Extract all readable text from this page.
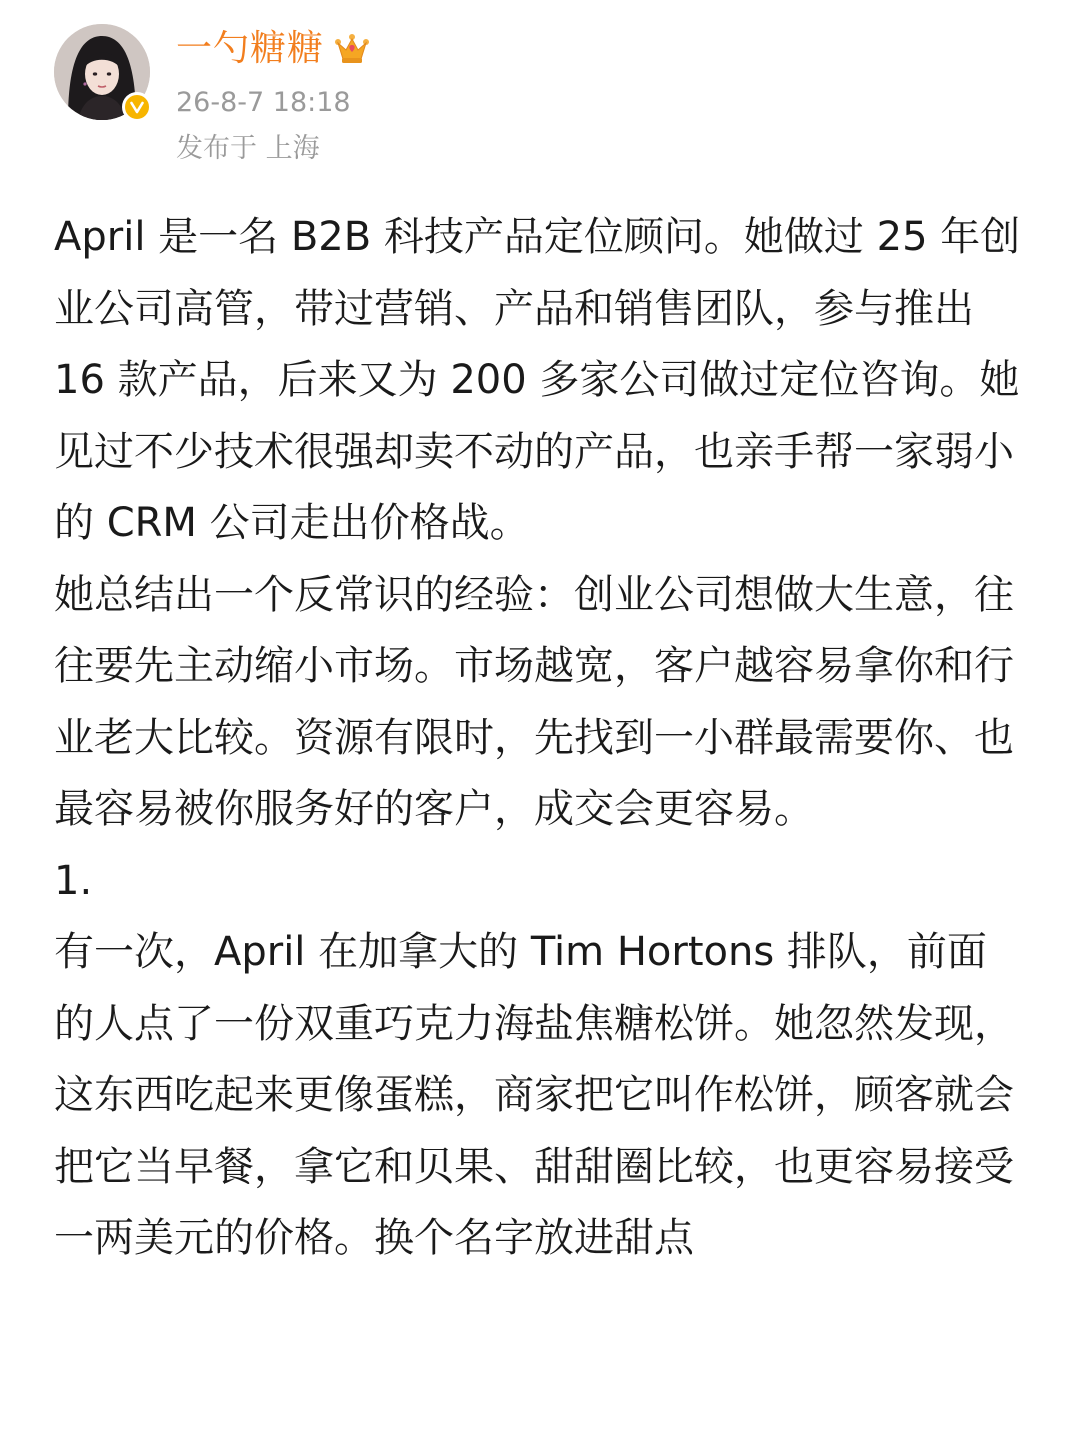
一勺糖糖
26-8-7 18:18
发布于 上海

April 是一名 B2B 科技产品定位顾问。她做过 25 年创业公司高管，带过营销、产品和销售团队，参与推出 16 款产品，后来又为 200 多家公司做过定位咨询。她见过不少技术很强却卖不动的产品，也亲手帮一家弱小的 CRM 公司走出价格战。

她总结出一个反常识的经验：创业公司想做大生意，往往要先主动缩小市场。市场越宽，客户越容易拿你和行业老大比较。资源有限时，先找到一小群最需要你、也最容易被你服务好的客户，成交会更容易。

1.

有一次，April 在加拿大的 Tim Hortons 排队，前面的人点了一份双重巧克力海盐焦糖松饼。她忽然发现，这东西吃起来更像蛋糕，商家把它叫作松饼，顾客就会把它当早餐，拿它和贝果、甜甜圈比较，也更容易接受一两美元的价格。换个名字放进甜点
